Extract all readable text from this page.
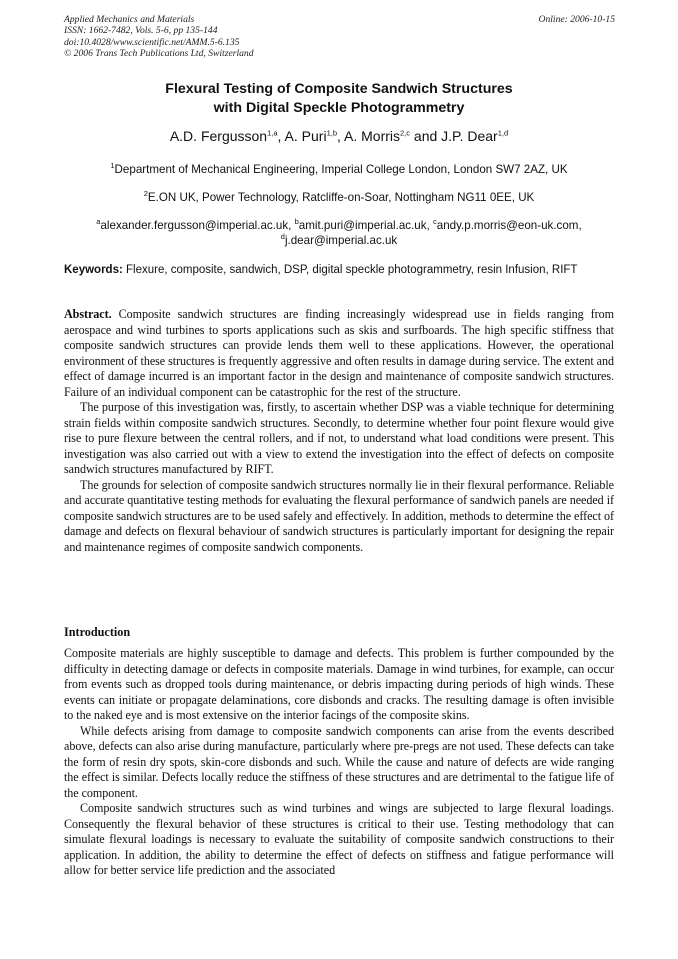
Applied Mechanics and Materials
ISSN: 1662-7482, Vols. 5-6, pp 135-144
doi:10.4028/www.scientific.net/AMM.5-6.135
© 2006 Trans Tech Publications Ltd, Switzerland
Online: 2006-10-15
Flexural Testing of Composite Sandwich Structures
with Digital Speckle Photogrammetry
A.D. Fergusson$^{1,a}$, A. Puri$^{1,b}$, A. Morris$^{2,c}$ and J.P. Dear$^{1,d}$
$^1$Department of Mechanical Engineering, Imperial College London, London SW7 2AZ, UK
$^2$E.ON UK, Power Technology, Ratcliffe-on-Soar, Nottingham NG11 0EE, UK
$^a$alexander.fergusson@imperial.ac.uk, $^b$amit.puri@imperial.ac.uk, $^c$andy.p.morris@eon-uk.com,
$^d$j.dear@imperial.ac.uk
Keywords: Flexure, composite, sandwich, DSP, digital speckle photogrammetry, resin Infusion, RIFT

Abstract. Composite sandwich structures are finding increasingly widespread use in fields ranging from aerospace and wind turbines to sports applications such as skis and surfboards. The high specific stiffness that composite sandwich structures can provide lends them well to these applications. However, the operational environment of these structures is frequently aggressive and often results in damage during service. The extent and effect of damage incurred is an important factor in the design and maintenance of composite sandwich structures. Failure of an individual component can be catastrophic for the rest of the structure.

The purpose of this investigation was, firstly, to ascertain whether DSP was a viable technique for determining strain fields within composite sandwich structures. Secondly, to determine whether four point flexure would give rise to pure flexure between the central rollers, and if not, to understand what load conditions were present. This investigation was also carried out with a view to extend the investigation into the effect of defects on composite sandwich structures manufactured by RIFT.

The grounds for selection of composite sandwich structures normally lie in their flexural performance. Reliable and accurate quantitative testing methods for evaluating the flexural performance of sandwich panels are needed if composite sandwich structures are to be used safely and effectively. In addition, methods to determine the effect of damage and defects on flexural behaviour of sandwich structures is particularly important for designing the repair and maintenance regimes of composite sandwich components.

Introduction

Composite materials are highly susceptible to damage and defects. This problem is further compounded by the difficulty in detecting damage or defects in composite materials. Damage in wind turbines, for example, can occur from events such as dropped tools during maintenance, or debris impacting during periods of high winds. These events can initiate or propagate delaminations, core disbonds and cracks. The resulting damage is often invisible to the naked eye and is most extensive on the interior facings of the composite skins.

While defects arising from damage to composite sandwich components can arise from the events described above, defects can also arise during manufacture, particularly where pre-pregs are not used. These defects can take the form of resin dry spots, skin-core disbonds and such. While the cause and nature of defects are wide ranging the effect is similar. Defects locally reduce the stiffness of these structures and are detrimental to the fatigue life of the component.

Composite sandwich structures such as wind turbines and wings are subjected to large flexural loadings. Consequently the flexural behavior of these structures is critical to their use. Testing methodology that can simulate flexural loadings is necessary to evaluate the suitability of composite sandwich constructions to their application. In addition, the ability to determine the effect of defects on stiffness and fatigue performance will allow for better service life prediction and the associated
